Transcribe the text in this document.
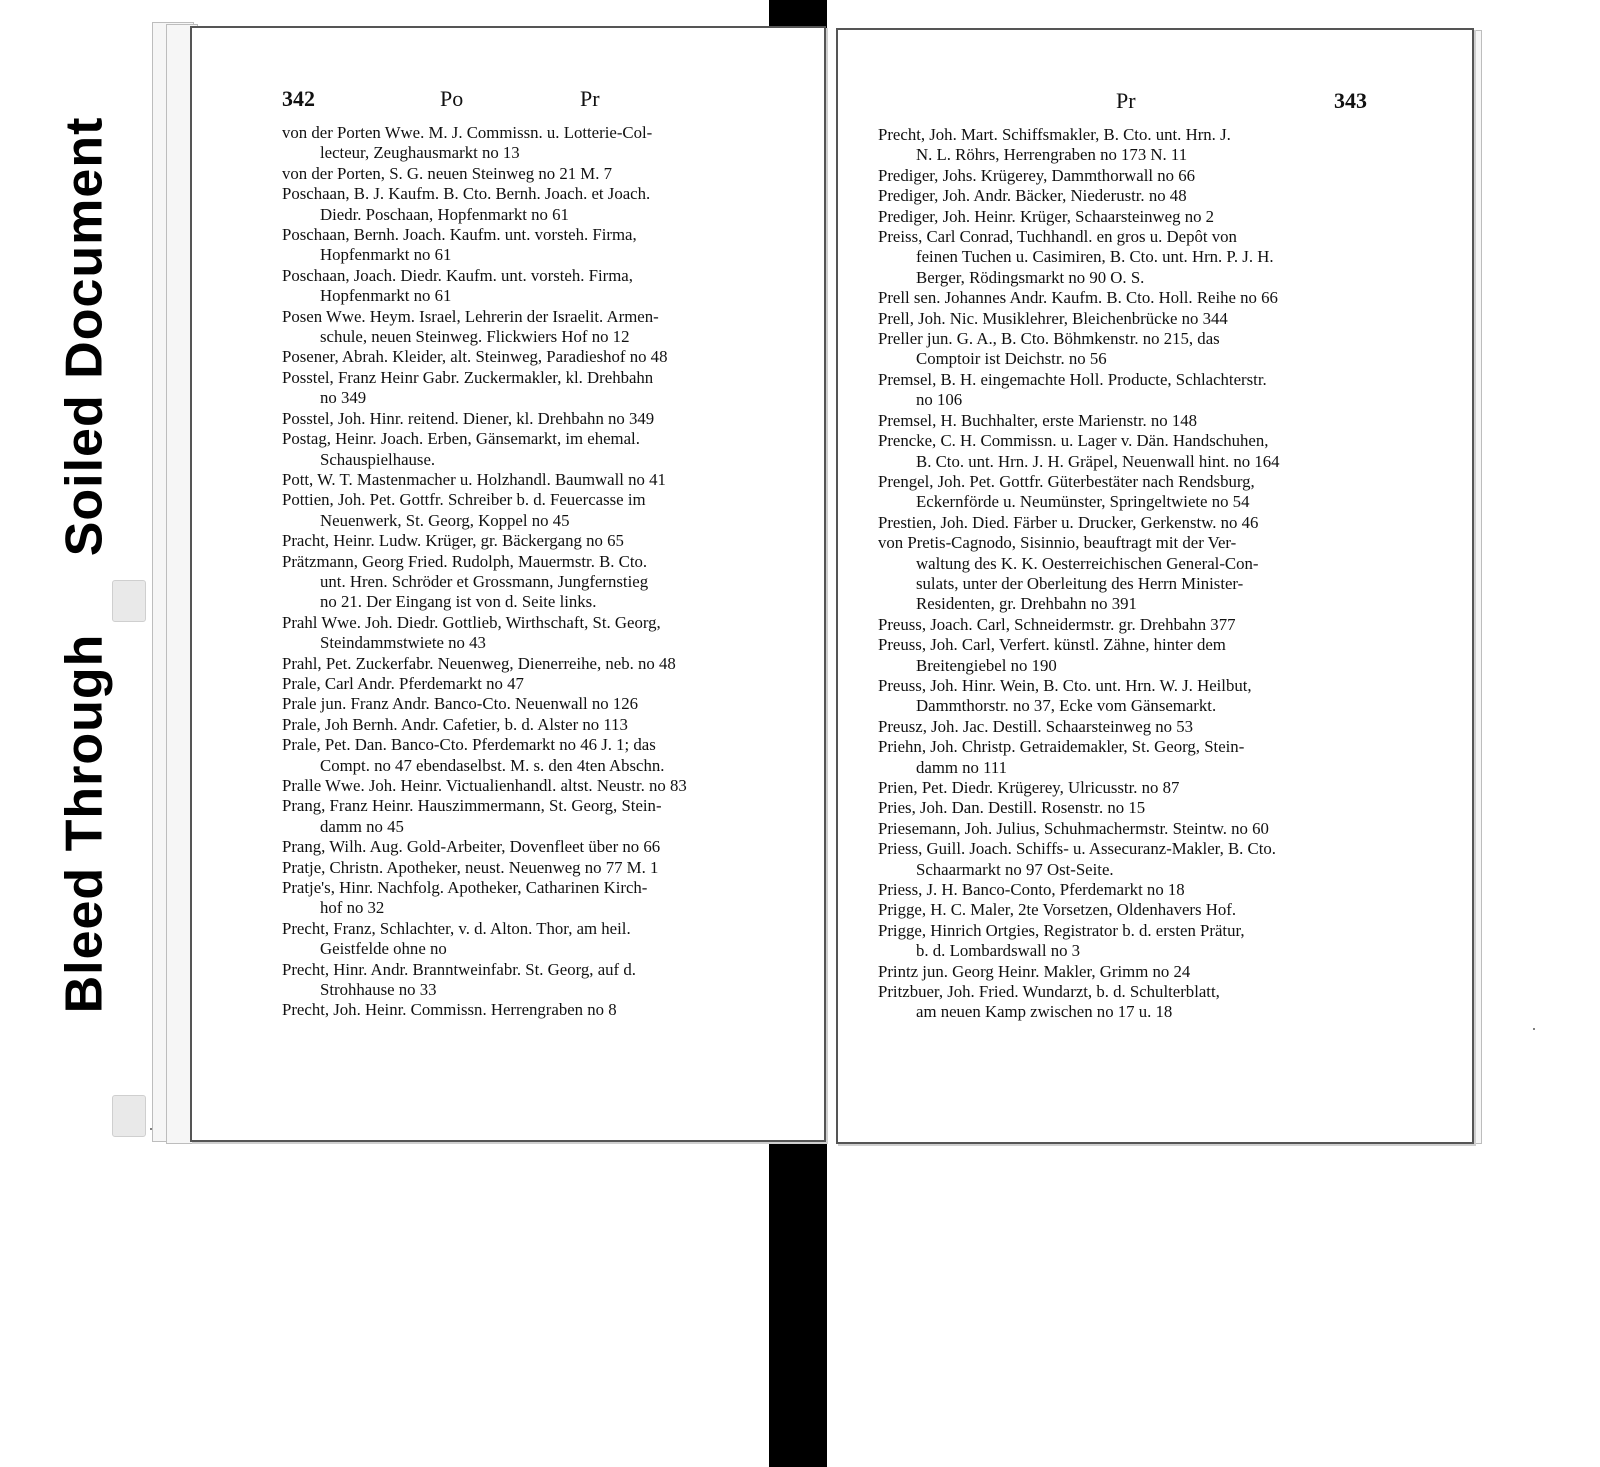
Bleed Through     Soiled Document
342	Po	Pr
von der Porten Wwe. M. J. Commissn. u. Lotterie-Col-
lecteur, Zeughausmarkt no 13
von der Porten, S. G. neuen Steinweg no 21 M. 7
Poschaan, B. J. Kaufm. B. Cto. Bernh. Joach. et Joach.
Diedr. Poschaan, Hopfenmarkt no 61
Poschaan, Bernh. Joach. Kaufm. unt. vorsteh. Firma,
Hopfenmarkt no 61
Poschaan, Joach. Diedr. Kaufm. unt. vorsteh. Firma,
Hopfenmarkt no 61
Posen Wwe. Heym. Israel, Lehrerin der Israelit. Armen-
schule, neuen Steinweg. Flickwiers Hof no 12
Posener, Abrah. Kleider, alt. Steinweg, Paradieshof no 48
Posstel, Franz Heinr Gabr. Zuckermakler, kl. Drehbahn
no 349
Posstel, Joh. Hinr. reitend. Diener, kl. Drehbahn no 349
Postag, Heinr. Joach. Erben, Gänsemarkt, im ehemal.
Schauspielhause.
Pott, W. T. Mastenmacher u. Holzhandl. Baumwall no 41
Pottien, Joh. Pet. Gottfr. Schreiber b. d. Feuercasse im
Neuenwerk, St. Georg, Koppel no 45
Pracht, Heinr. Ludw. Krüger, gr. Bäckergang no 65
Prätzmann, Georg Fried. Rudolph, Mauermstr. B. Cto.
unt. Hren. Schröder et Grossmann, Jungfernstieg
no 21. Der Eingang ist von d. Seite links.
Prahl Wwe. Joh. Diedr. Gottlieb, Wirthschaft, St. Georg,
Steindammstwiete no 43
Prahl, Pet. Zuckerfabr. Neuenweg, Dienerreihe, neb. no 48
Prale, Carl Andr. Pferdemarkt no 47
Prale jun. Franz Andr. Banco-Cto. Neuenwall no 126
Prale, Joh Bernh. Andr. Cafetier, b. d. Alster no 113
Prale, Pet. Dan. Banco-Cto. Pferdemarkt no 46 J. 1; das
Compt. no 47 ebendaselbst. M. s. den 4ten Abschn.
Pralle Wwe. Joh. Heinr. Victualienhandl. altst. Neustr. no 83
Prang, Franz Heinr. Hauszimmermann, St. Georg, Stein-
damm no 45
Prang, Wilh. Aug. Gold-Arbeiter, Dovenfleet über no 66
Pratje, Christn. Apotheker, neust. Neuenweg no 77 M. 1
Pratje's, Hinr. Nachfolg. Apotheker, Catharinen Kirch-
hof no 32
Precht, Franz, Schlachter, v. d. Alton. Thor, am heil.
Geistfelde ohne no
Precht, Hinr. Andr. Branntweinfabr. St. Georg, auf d.
Strohhause no 33
Precht, Joh. Heinr. Commissn. Herrengraben no 8
Pr	343
Precht, Joh. Mart. Schiffsmakler, B. Cto. unt. Hrn. J.
N. L. Röhrs, Herrengraben no 173 N. 11
Prediger, Johs. Krügerey, Dammthorwall no 66
Prediger, Joh. Andr. Bäcker, Niederustr. no 48
Prediger, Joh. Heinr. Krüger, Schaarsteinweg no 2
Preiss, Carl Conrad, Tuchhandl. en gros u. Depôt von
feinen Tuchen u. Casimiren, B. Cto. unt. Hrn. P. J. H.
Berger, Rödingsmarkt no 90 O. S.
Prell sen. Johannes Andr. Kaufm. B. Cto. Holl. Reihe no 66
Prell, Joh. Nic. Musiklehrer, Bleichenbrücke no 344
Preller jun. G. A., B. Cto. Böhmkenstr. no 215, das
Comptoir ist Deichstr. no 56
Premsel, B. H. eingemachte Holl. Producte, Schlachterstr.
no 106
Premsel, H. Buchhalter, erste Marienstr. no 148
Prencke, C. H. Commissn. u. Lager v. Dän. Handschuhen,
B. Cto. unt. Hrn. J. H. Gräpel, Neuenwall hint. no 164
Prengel, Joh. Pet. Gottfr. Güterbestäter nach Rendsburg,
Eckernförde u. Neumünster, Springeltwiete no 54
Prestien, Joh. Died. Färber u. Drucker, Gerkenstw. no 46
von Pretis-Cagnodo, Sisinnio, beauftragt mit der Ver-
waltung des K. K. Oesterreichischen General-Con-
sulats, unter der Oberleitung des Herrn Minister-
Residenten, gr. Drehbahn no 391
Preuss, Joach. Carl, Schneidermstr. gr. Drehbahn 377
Preuss, Joh. Carl, Verfert. künstl. Zähne, hinter dem
Breitengiebel no 190
Preuss, Joh. Hinr. Wein, B. Cto. unt. Hrn. W. J. Heilbut,
Dammthorstr. no 37, Ecke vom Gänsemarkt.
Preusz, Joh. Jac. Destill. Schaarsteinweg no 53
Priehn, Joh. Christp. Getraidemakler, St. Georg, Stein-
damm no 111
Prien, Pet. Diedr. Krügerey, Ulricusstr. no 87
Pries, Joh. Dan. Destill. Rosenstr. no 15
Priesemann, Joh. Julius, Schuhmachermstr. Steintw. no 60
Priess, Guill. Joach. Schiffs- u. Assecuranz-Makler, B. Cto.
Schaarmarkt no 97 Ost-Seite.
Priess, J. H. Banco-Conto, Pferdemarkt no 18
Prigge, H. C. Maler, 2te Vorsetzen, Oldenhavers Hof.
Prigge, Hinrich Ortgies, Registrator b. d. ersten Prätur,
b. d. Lombardswall no 3
Printz jun. Georg Heinr. Makler, Grimm no 24
Pritzbuer, Joh. Fried. Wundarzt, b. d. Schulterblatt,
am neuen Kamp zwischen no 17 u. 18
